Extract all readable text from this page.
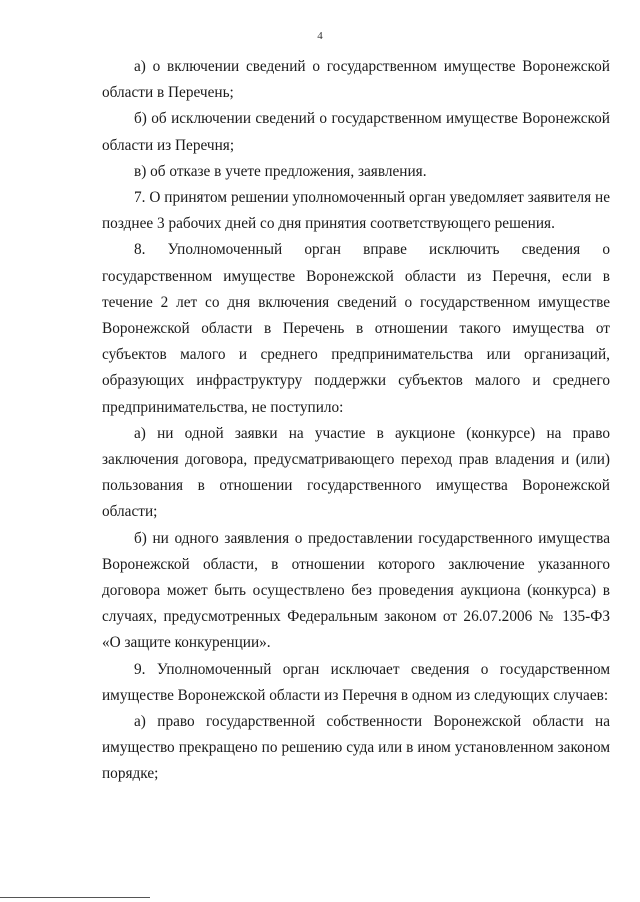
4

а) о включении сведений о государственном имуществе Воронежской области в Перечень;

б) об исключении сведений о государственном имуществе Воронежской области из Перечня;

в) об отказе в учете предложения, заявления.

7. О принятом решении уполномоченный орган уведомляет заявителя не позднее 3 рабочих дней со дня принятия соответствующего решения.

8. Уполномоченный орган вправе исключить сведения о государственном имуществе Воронежской области из Перечня, если в течение 2 лет со дня включения сведений о государственном имуществе Воронежской области в Перечень в отношении такого имущества от субъектов малого и среднего предпринимательства или организаций, образующих инфраструктуру поддержки субъектов малого и среднего предпринимательства, не поступило:

а) ни одной заявки на участие в аукционе (конкурсе) на право заключения договора, предусматривающего переход прав владения и (или) пользования в отношении государственного имущества Воронежской области;

б) ни одного заявления о предоставлении государственного имущества Воронежской области, в отношении которого заключение указанного договора может быть осуществлено без проведения аукциона (конкурса) в случаях, предусмотренных Федеральным законом от 26.07.2006 № 135-ФЗ «О защите конкуренции».

9. Уполномоченный орган исключает сведения о государственном имуществе Воронежской области из Перечня в одном из следующих случаев:

а) право государственной собственности Воронежской области на имущество прекращено по решению суда или в ином установленном законом порядке;
